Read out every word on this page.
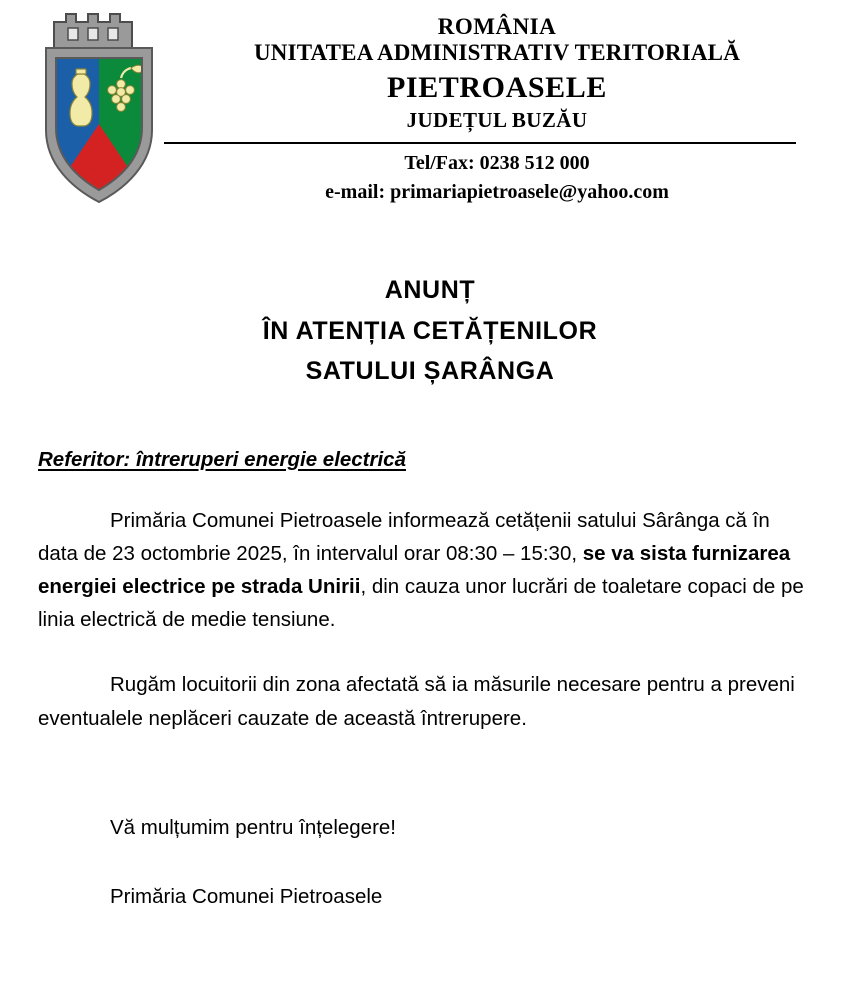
ROMÂNIA
UNITATEA ADMINISTRATIV TERITORIALĂ
PIETROASELE
JUDEȚUL BUZĂU
Tel/Fax: 0238 512 000
e-mail: primariapietroasele@yahoo.com
ANUNȚ
ÎN ATENȚIA CETĂȚENILOR
SATULUI ȘARÂNGA
Referitor: întreruperi energie electrică

Primăria Comunei Pietroasele informează cetățenii satului Sârânga că în data de 23 octombrie 2025, în intervalul orar 08:30 – 15:30, se va sista furnizarea energiei electrice pe strada Unirii, din cauza unor lucrări de toaletare copaci de pe linia electrică de medie tensiune.

Rugăm locuitorii din zona afectată să ia măsurile necesare pentru a preveni eventualele neplăceri cauzate de această întrerupere.

Vă mulțumim pentru înțelegere!
Primăria Comunei Pietroasele
